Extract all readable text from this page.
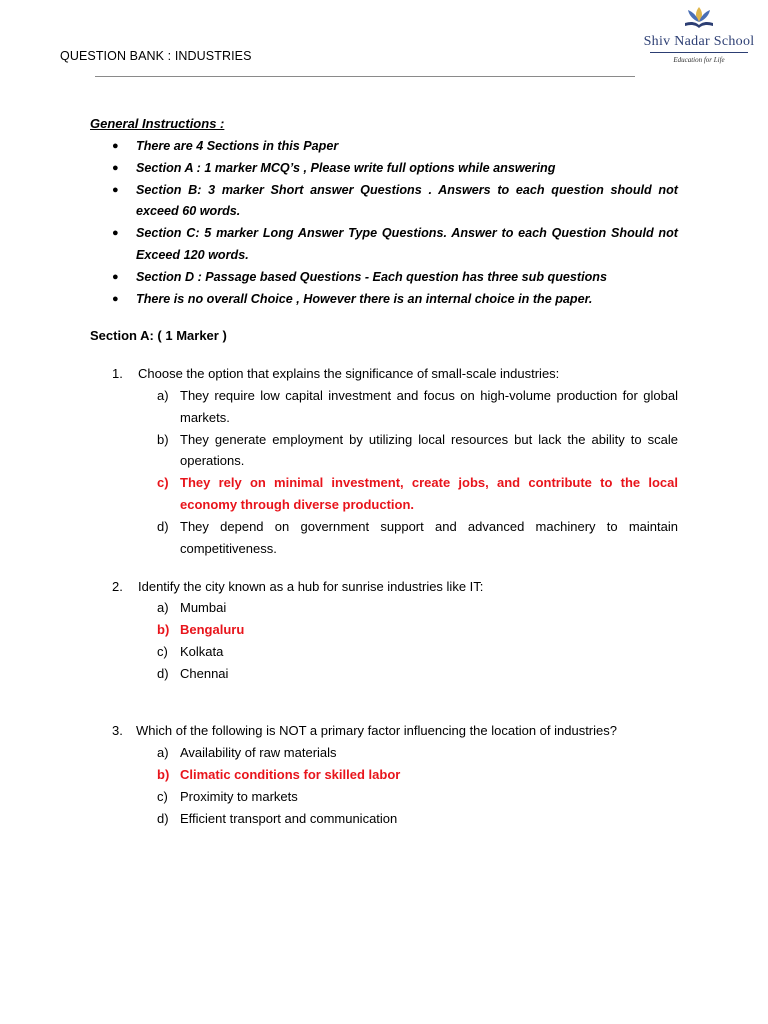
QUESTION BANK : INDUSTRIES
Shiv Nadar School
Education for Life
General Instructions :
● There are 4 Sections in this Paper
● Section A : 1 marker MCQ’s , Please write full options while answering
● Section B: 3 marker Short answer Questions . Answers to each question should not exceed 60 words.
● Section C: 5 marker Long Answer Type Questions. Answer to each Question Should not Exceed 120 words.
● Section D : Passage based Questions - Each question has three sub questions
● There is no overall Choice , However there is an internal choice in the paper.
Section A: ( 1 Marker )
1. Choose the option that explains the significance of small-scale industries:
a) They require low capital investment and focus on high-volume production for global markets.
b) They generate employment by utilizing local resources but lack the ability to scale operations.
c) They rely on minimal investment, create jobs, and contribute to the local economy through diverse production.
d) They depend on government support and advanced machinery to maintain competitiveness.
2. Identify the city known as a hub for sunrise industries like IT:
a) Mumbai
b) Bengaluru
c) Kolkata
d) Chennai
3. Which of the following is NOT a primary factor influencing the location of industries?
a) Availability of raw materials
b) Climatic conditions for skilled labor
c) Proximity to markets
d) Efficient transport and communication
